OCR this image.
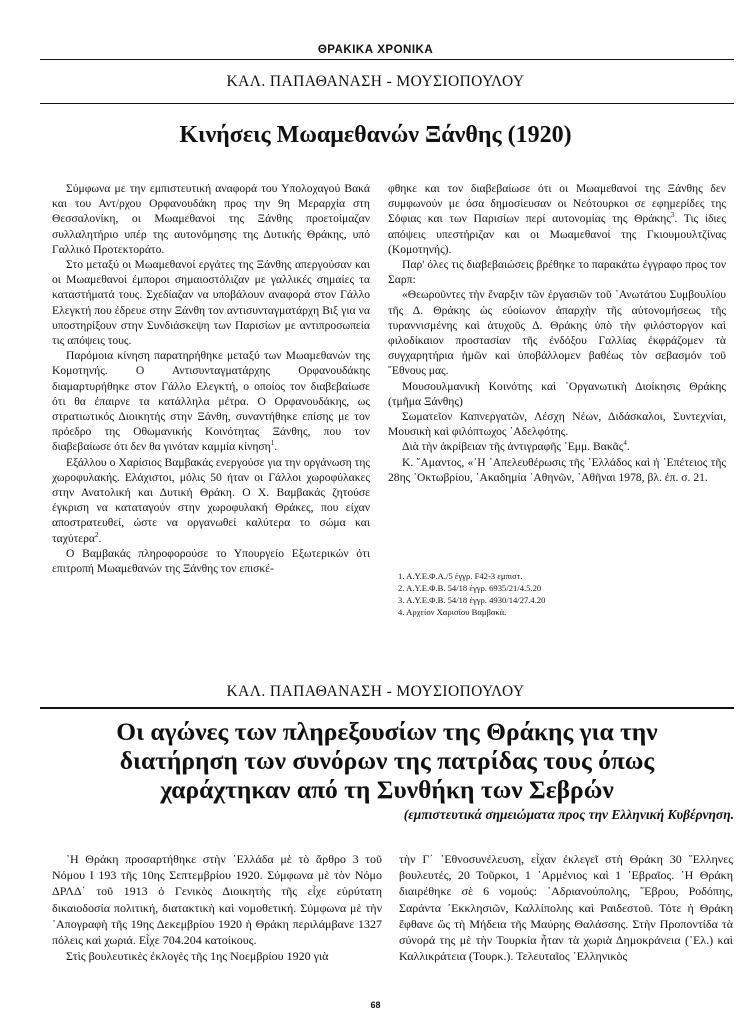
ΘΡΑΚΙΚΑ ΧΡΟΝΙΚΑ
ΚΑΛ. ΠΑΠΑΘΑΝΑΣΗ - ΜΟΥΣΙΟΠΟΥΛΟΥ
Κινήσεις Μωαμεθανών Ξάνθης (1920)

Σύμφωνα με την εμπιστευτική αναφορά του Υπολοχαγού Βακά και του Αντ/ρχου Ορφανουδάκη προς την 9η Μεραρχία στη Θεσσαλονίκη, οι Μωαμεθανοί της Ξάνθης προετοίμαζαν συλλαλητήριο υπέρ της αυτονόμησης της Δυτικής Θράκης, υπό Γαλλικό Προτεκτοράτο.

Στο μεταξύ οι Μωαμεθανοί εργάτες της Ξάνθης απεργούσαν και οι Μωαμεθανοί έμποροι σημαιοστόλιζαν με γαλλικές σημαίες τα καταστήματά τους. Σχεδίαζαν να υποβάλουν αναφορά στον Γάλλο Ελεγκτή που έδρευε στην Ξάνθη τον αντισυνταγματάρχη Βιξ για να υποστηρίξουν στην Συνδιάσκεψη των Παρισίων με αντιπροσωπεία τις απόψεις τους.

Παρόμοια κίνηση παρατηρήθηκε μεταξύ των Μωαμεθανών της Κομοτηνής. Ο Αντισυνταγματάρχης Ορφανουδάκης διαμαρτυρήθηκε στον Γάλλο Ελεγκτή, ο οποίος τον διαβεβαίωσε ότι θα έπαιρνε τα κατάλληλα μέτρα. Ο Ορφανουδάκης, ως στρατιωτικός Διοικητής στην Ξάνθη, συναντήθηκε επίσης με τον πρόεδρο της Οθωμανικής Κοινότητας Ξάνθης, που τον διαβεβαίωσε ότι δεν θα γινόταν καμμία κίνηση$^1$.

Εξάλλου ο Χαρίσιος Βαμβακάς ενεργούσε για την οργάνωση της χωροφυλακής. Ελάχιστοι, μόλις 50 ήταν οι Γάλλοι χωροφύλακες στην Ανατολική και Δυτική Θράκη. Ο Χ. Βαμβακάς ζητούσε έγκριση να καταταγούν στην χωροφυλακή Θράκες, που είχαν αποστρατευθεί, ώστε να οργανωθεί καλύτερα το σώμα και ταχύτερα$^2$.

Ο Βαμβακάς πληροφορούσε το Υπουργείο Εξωτερικών ότι επιτροπή Μωαμεθανών της Ξάνθης τον επισκέ-

φθηκε και τον διαβεβαίωσε ότι οι Μωαμεθανοί της Ξάνθης δεν συμφωνούν με όσα δημοσίευσαν οι Νεότουρκοι σε εφημερίδες της Σόφιας και των Παρισίων περί αυτονομίας της Θράκης$^3$. Τις ίδιες απόψεις υπεστήριζαν και οι Μωαμεθανοί της Γκιουμουλτζίνας (Κομοτηνής).

Παρ' όλες τις διαβεβαιώσεις βρέθηκε το παρακάτω έγγραφο προς τον Σαρπ:

«Θεωροῦντες τὴν ἔναρξιν τῶν ἐργασιῶν τοῦ ᾿Ανωτάτου Συμβουλίου τῆς Δ. Θράκης ὡς εὐοίωνον ἀπαρχὴν τῆς αὐτονομήσεως τῆς τυραννισμένης καὶ ἀτυχοῦς Δ. Θράκης ὑπὸ τὴν φιλόστοργον καὶ φιλοδίκαιον προστασίαν τῆς ἐνδόξου Γαλλίας ἐκφράζομεν τὰ συγχαρητήρια ἡμῶν καὶ ὑποβάλλομεν βαθέως τὸν σεβασμόν τοῦ ῎Εθνους μας.

Μουσουλμανικὴ Κοινότης καὶ ᾿Οργανωτικὴ Διοίκησις Θράκης (τμῆμα Ξάνθης)

Σωματεῖον Καπνεργατῶν, Λέσχη Νέων, Διδάσκαλοι, Συντεχνίαι, Μουσικὴ καὶ φιλόπτωχος ᾿Αδελφότης.

Διὰ τὴν ἀκρίβειαν τῆς ἀντιγραφῆς ᾿Εμμ. Βακᾶς$^4$.

Κ. ῎Αμαντος, «᾿Η ᾿Απελευθέρωσις τῆς ᾿Ελλάδος καὶ ἡ ᾿Επέτειος τῆς 28ης ᾿Οκτωβρίου, ᾿Ακαδημία ᾿Αθηνῶν, ᾿Αθῆναι 1978, βλ. ἐπ. σ. 21.

1. Α.Υ.Ε.Φ.Α./5 έγγρ. F42-3 εμπιστ.
2. Α.Υ.Ε.Φ.Β. 54/18 έγγρ. 6935/21/4.5.20
3. Α.Υ.Ε.Φ.Β. 54/18 έγγρ. 4930/14/27.4.20
4. Αρχείον Χαρισίου Βαμβακά.
ΚΑΛ. ΠΑΠΑΘΑΝΑΣΗ - ΜΟΥΣΙΟΠΟΥΛΟΥ
Οι αγώνες των πληρεξουσίων της Θράκης για την
διατήρηση των συνόρων της πατρίδας τους όπως
χαράχτηκαν από τη Συνθήκη των Σεβρών
(εμπιστευτικά σημειώματα προς την Ελληνική Κυβέρνηση.

᾿Η Θράκη προσαρτήθηκε στὴν ᾿Ελλάδα μὲ τὸ ἄρθρο 3 τοῦ Νόμου Ι 193 τῆς 10ης Σεπτεμβρίου 1920. Σύμφωνα μὲ τὸν Νόμο ΔΡΛΔ΄ τοῦ 1913 ὁ Γενικὸς Διοικητὴς τῆς εἶχε εὐρύτατη δικαιοδοσία πολιτική, διατακτικὴ καὶ νομοθετική. Σύμφωνα μὲ τὴν ᾿Απογραφὴ τῆς 19ης Δεκεμβρίου 1920 ἡ Θράκη περιλάμβανε 1327 πόλεις καὶ χωριά. Εἶχε 704.204 κατοίκους.

Στὶς βουλευτικὲς ἐκλογὲς τῆς 1ης Νοεμβρίου 1920 γιὰ

τὴν Γ΄ ᾿Εθνοσυνέλευση, εἶχαν ἐκλεγεῖ στὴ Θράκη 30 ῞Ελληνες βουλευτές, 20 Τοῦρκοι, 1 ᾿Αρμένιος καὶ 1 ᾿Εβραῖος. ᾿Η Θράκη διαιρέθηκε σὲ 6 νομούς: ᾿Αδριανούπολης, ῞Εβρου, Ροδόπης, Σαράντα ᾿Εκκλησιῶν, Καλλίπολης καὶ Ραιδεστοῦ. Τότε ἡ Θράκη ἔφθανε ὥς τὴ Μήδεια τῆς Μαύρης Θαλάσσης. Στὴν Προποντίδα τὰ σύνορά της μὲ τὴν Τουρκία ἦταν τὰ χωριὰ Δημοκράνεια (᾿Ελ.) καὶ Καλλικράτεια (Τουρκ.). Τελευταῖος ᾿Ελληνικὸς

68
